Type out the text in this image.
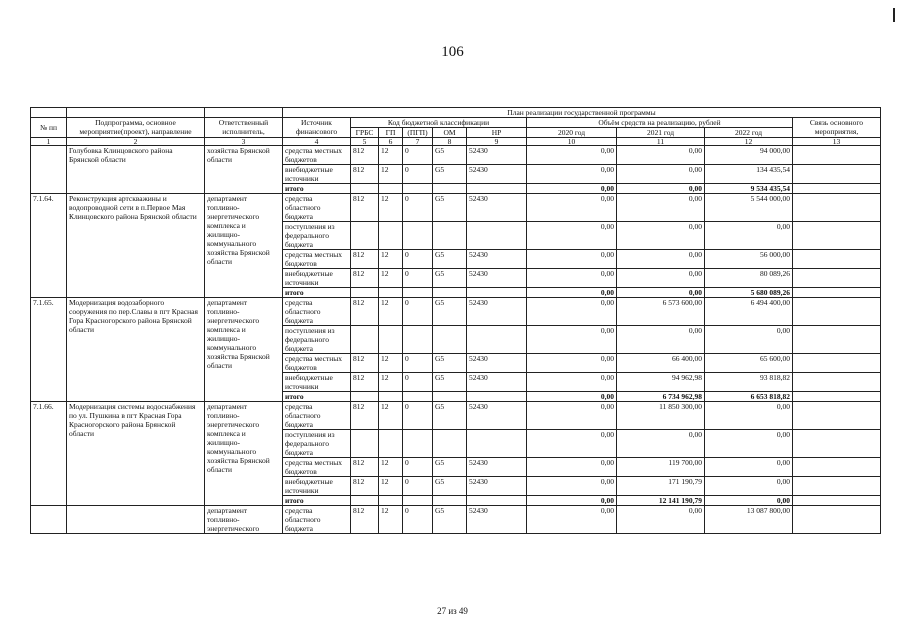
106
			План реализации государственной программы									
№ пп	Подпрограмма, основное мероприятие(проект), направление	Ответственный исполнитель,	Источник финансового	Код бюджетной классификации					Объём средств на реализацию, рублей			Связь основного мероприятия,
				ГРБС	ГП	(ПГП)	ОМ	НР	2020 год	2021 год	2022 год	
1	2	3	4	5	6	7	8	9	10	11	12	13
	Голубовка Клинцовского района Брянской области	хозяйства Брянской области	средства местных бюджетов	812	12	0	G5	52430	0,00	0,00	94 000,00	
			внебюджетные источники	812	12	0	G5	52430	0,00	0,00	134 435,54	
			итого						0,00	0,00	9 534 435,54	
7.1.64.	Реконструкция артскважины и водопроводной сети в п.Первое Мая Клинцовского района Брянской области	департамент топливно-энергетического комплекса и жилищно-коммунального хозяйства Брянской области	средства областного бюджета	812	12	0	G5	52430	0,00	0,00	5 544 000,00	
			поступления из федерального бюджета						0,00	0,00	0,00	
			средства местных бюджетов	812	12	0	G5	52430	0,00	0,00	56 000,00	
			внебюджетные источники	812	12	0	G5	52430	0,00	0,00	80 089,26	
			итого						0,00	0,00	5 680 089,26	
7.1.65.	Модернизация водозаборного сооружения по пер.Славы в пгт Красная Гора Красногорского района Брянской области	департамент топливно-энергетического комплекса и жилищно-коммунального хозяйства Брянской области	средства областного бюджета	812	12	0	G5	52430	0,00	6 573 600,00	6 494 400,00	
			поступления из федерального бюджета						0,00	0,00	0,00	
			средства местных бюджетов	812	12	0	G5	52430	0,00	66 400,00	65 600,00	
			внебюджетные источники	812	12	0	G5	52430	0,00	94 962,98	93 818,82	
			итого						0,00	6 734 962,98	6 653 818,82	
7.1.66.	Модернизация системы водоснабжения по ул. Пушкина в пгт Красная Гора Красногорского района Брянской области	департамент топливно-энергетического комплекса и жилищно-коммунального хозяйства Брянской области	средства областного бюджета	812	12	0	G5	52430	0,00	11 850 300,00	0,00	
			поступления из федерального бюджета						0,00	0,00	0,00	
			средства местных бюджетов	812	12	0	G5	52430	0,00	119 700,00	0,00	
			внебюджетные источники	812	12	0	G5	52430	0,00	171 190,79	0,00	
			итого						0,00	12 141 190,79	0,00	
		департамент топливно-энергетического	средства областного бюджета	812	12	0	G5	52430	0,00	0,00	13 087 800,00	
27 из 49
